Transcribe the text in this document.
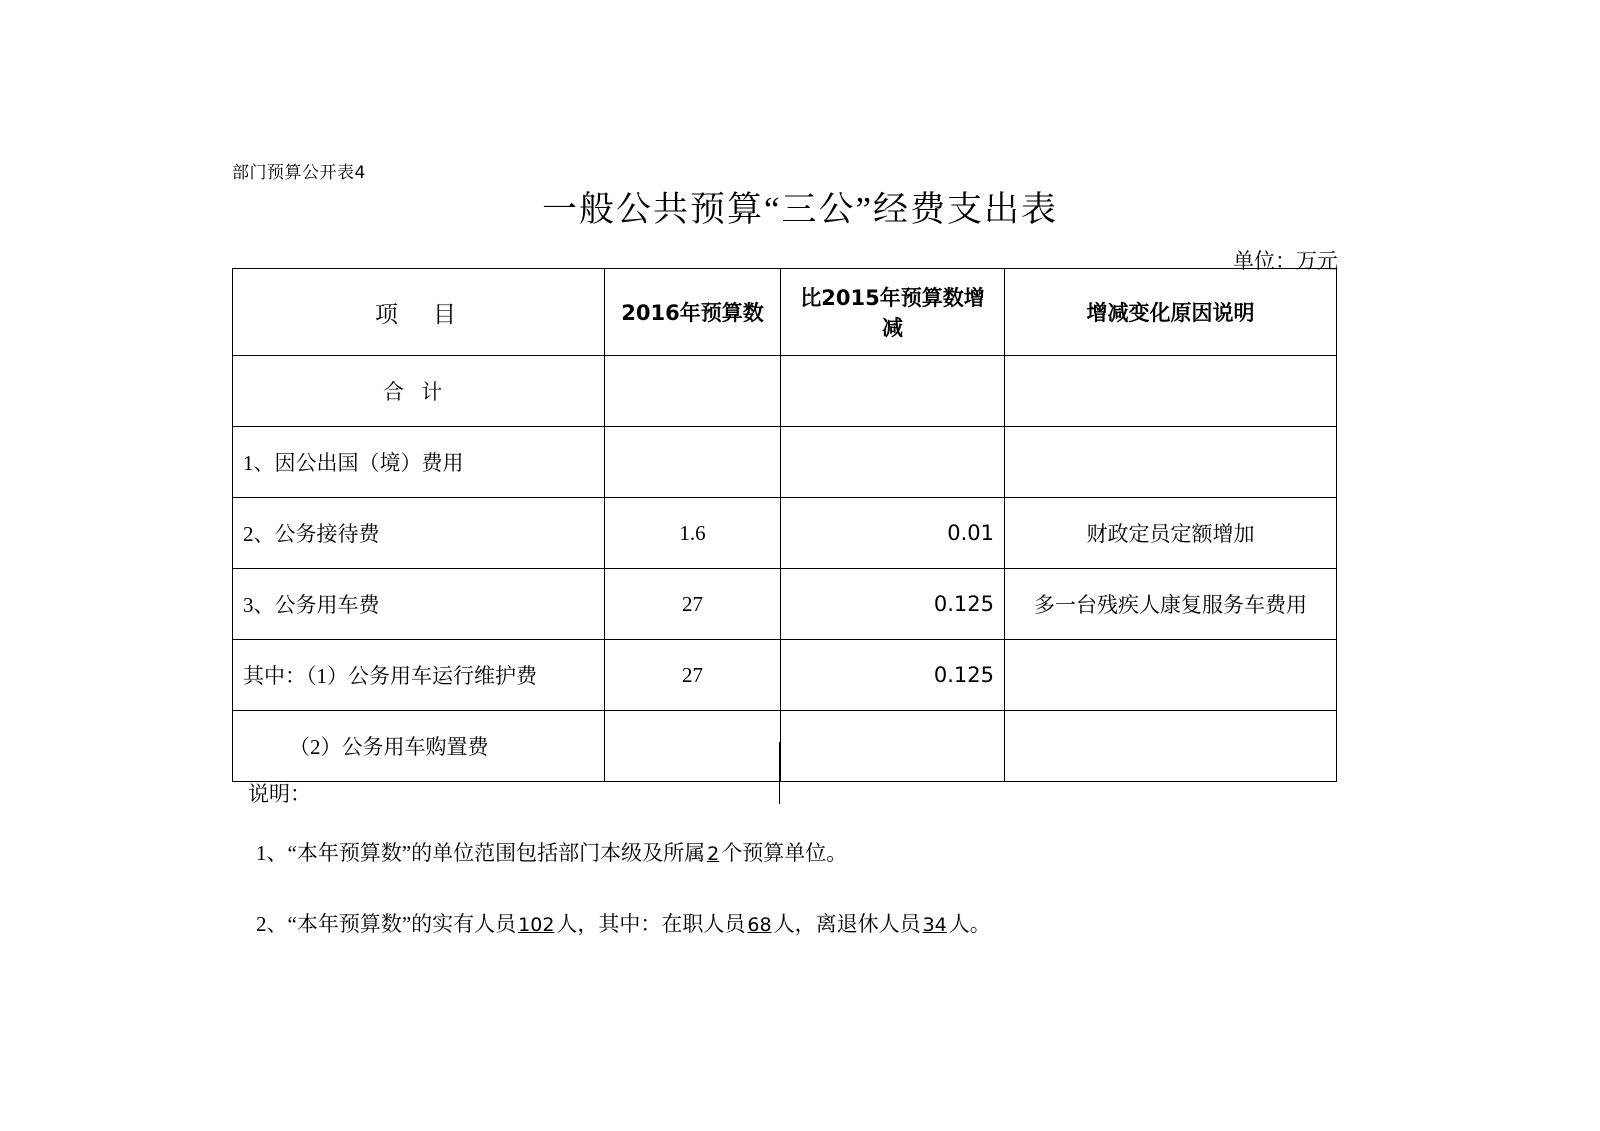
部门预算公开表4
一般公共预算“三公”经费支出表
单位：万元
项　目	2016年预算数	比2015年预算数增减	增减变化原因说明
合 计			
1、因公出国（境）费用			
2、公务接待费	1.6	0.01	财政定员定额增加
3、公务用车费	27	0.125	多一台残疾人康复服务车费用
其中：（1）公务用车运行维护费	27	0.125	
（2）公务用车购置费			
说明：
1、“本年预算数”的单位范围包括部门本级及所属 2个预算单位。
2、“本年预算数”的实有人员 102人，其中：在职人员 68人，离退休人员 34人。
